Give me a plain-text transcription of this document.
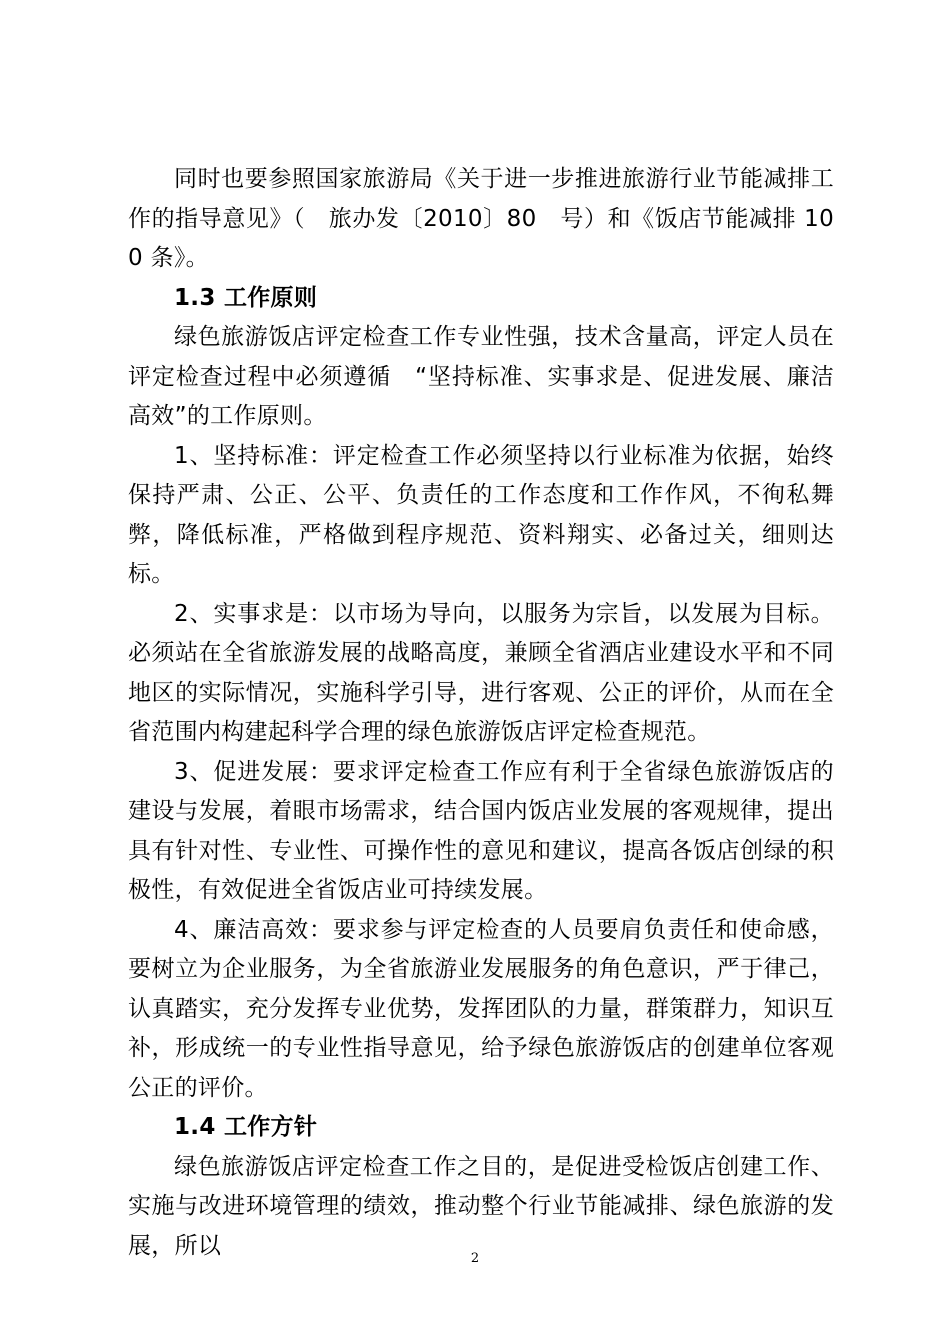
同时也要参照国家旅游局《关于进一步推进旅游行业节能减排工作的指导意见》（　旅办发〔2010〕80　号）和《饭店节能减排 100 条》。

1.3 工作原则

绿色旅游饭店评定检查工作专业性强，技术含量高，评定人员在评定检查过程中必须遵循　“坚持标准、实事求是、促进发展、廉洁高效”的工作原则。

1、坚持标准：评定检查工作必须坚持以行业标准为依据，始终保持严肃、公正、公平、负责任的工作态度和工作作风，不徇私舞弊，降低标准，严格做到程序规范、资料翔实、必备过关，细则达标。

2、实事求是：以市场为导向，以服务为宗旨，以发展为目标。必须站在全省旅游发展的战略高度，兼顾全省酒店业建设水平和不同地区的实际情况，实施科学引导，进行客观、公正的评价，从而在全省范围内构建起科学合理的绿色旅游饭店评定检查规范。

3、促进发展：要求评定检查工作应有利于全省绿色旅游饭店的建设与发展，着眼市场需求，结合国内饭店业发展的客观规律，提出具有针对性、专业性、可操作性的意见和建议，提高各饭店创绿的积极性，有效促进全省饭店业可持续发展。

4、廉洁高效：要求参与评定检查的人员要肩负责任和使命感，要树立为企业服务，为全省旅游业发展服务的角色意识，严于律己，认真踏实，充分发挥专业优势，发挥团队的力量，群策群力，知识互补，形成统一的专业性指导意见，给予绿色旅游饭店的创建单位客观公正的评价。

1.4 工作方针

绿色旅游饭店评定检查工作之目的，是促进受检饭店创建工作、实施与改进环境管理的绩效，推动整个行业节能减排、绿色旅游的发展，所以	2
